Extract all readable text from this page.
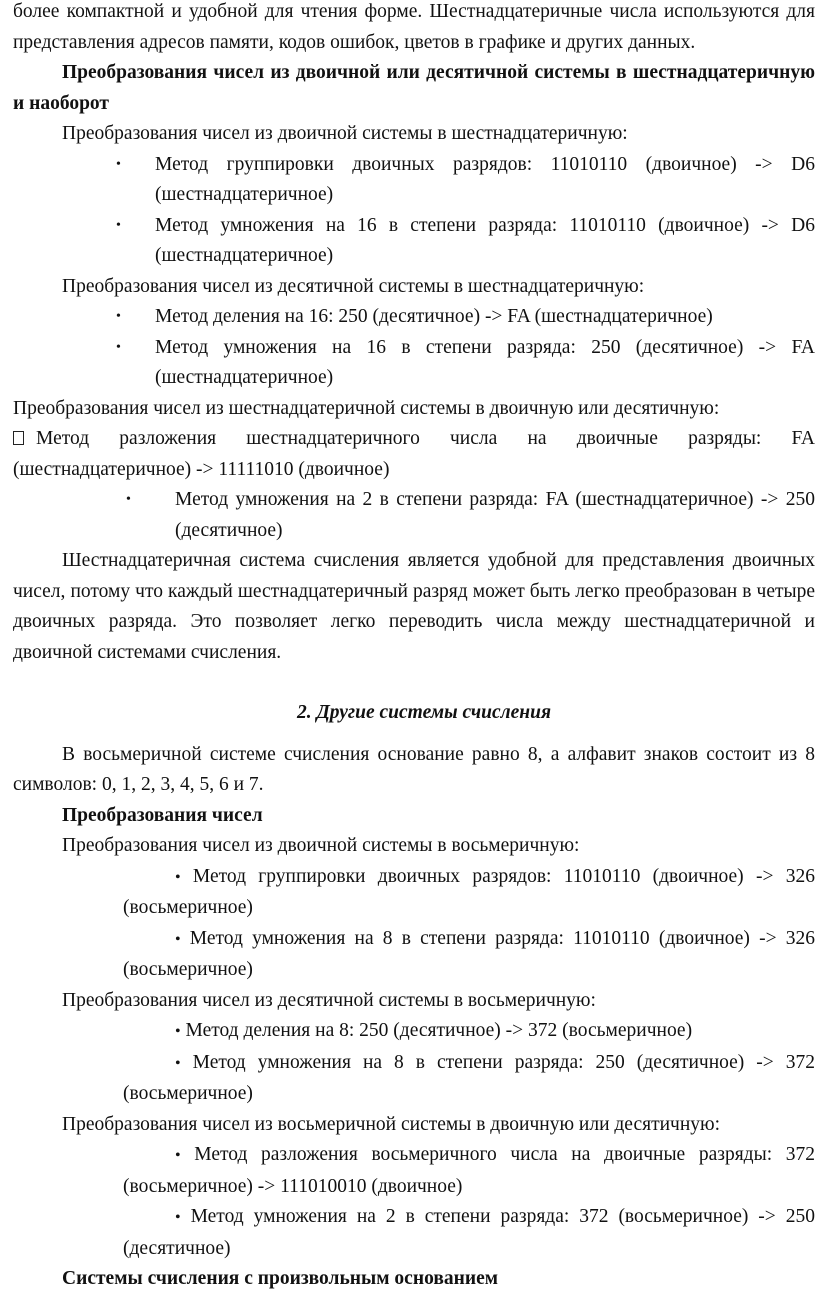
более компактной и удобной для чтения форме. Шестнадцатеричные числа используются для представления адресов памяти, кодов ошибок, цветов в графике и других данных.

Преобразования чисел из двоичной или десятичной системы в шестнадцатеричную и наоборот

Преобразования чисел из двоичной системы в шестнадцатеричную:

• Метод группировки двоичных разрядов: 11010110 (двоичное) -> D6 (шестнадцатеричное)

• Метод умножения на 16 в степени разряда: 11010110 (двоичное) -> D6 (шестнадцатеричное)

Преобразования чисел из десятичной системы в шестнадцатеричную:

• Метод деления на 16: 250 (десятичное) -> FA (шестнадцатеричное)

• Метод умножения на 16 в степени разряда: 250 (десятичное) -> FA (шестнадцатеричное)

Преобразования чисел из шестнадцатеричной системы в двоичную или десятичную:

Метод разложения шестнадцатеричного числа на двоичные разряды: FA (шестнадцатеричное) -> 11111010 (двоичное)

• Метод умножения на 2 в степени разряда: FA (шестнадцатеричное) -> 250 (десятичное)

Шестнадцатеричная система счисления является удобной для представления двоичных чисел, потому что каждый шестнадцатеричный разряд может быть легко преобразован в четыре двоичных разряда. Это позволяет легко переводить числа между шестнадцатеричной и двоичной системами счисления.

2. Другие системы счисления

В восьмеричной системе счисления основание равно 8, а алфавит знаков состоит из 8 символов: 0, 1, 2, 3, 4, 5, 6 и 7.

Преобразования чисел

Преобразования чисел из двоичной системы в восьмеричную:

• Метод группировки двоичных разрядов: 11010110 (двоичное) -> 326 (восьмеричное)

• Метод умножения на 8 в степени разряда: 11010110 (двоичное) -> 326 (восьмеричное)

Преобразования чисел из десятичной системы в восьмеричную:

• Метод деления на 8: 250 (десятичное) -> 372 (восьмеричное)

• Метод умножения на 8 в степени разряда: 250 (десятичное) -> 372 (восьмеричное)

Преобразования чисел из восьмеричной системы в двоичную или десятичную:

• Метод разложения восьмеричного числа на двоичные разряды: 372 (восьмеричное) -> 111010010 (двоичное)

• Метод умножения на 2 в степени разряда: 372 (восьмеричное) -> 250 (десятичное)

Системы счисления с произвольным основанием
